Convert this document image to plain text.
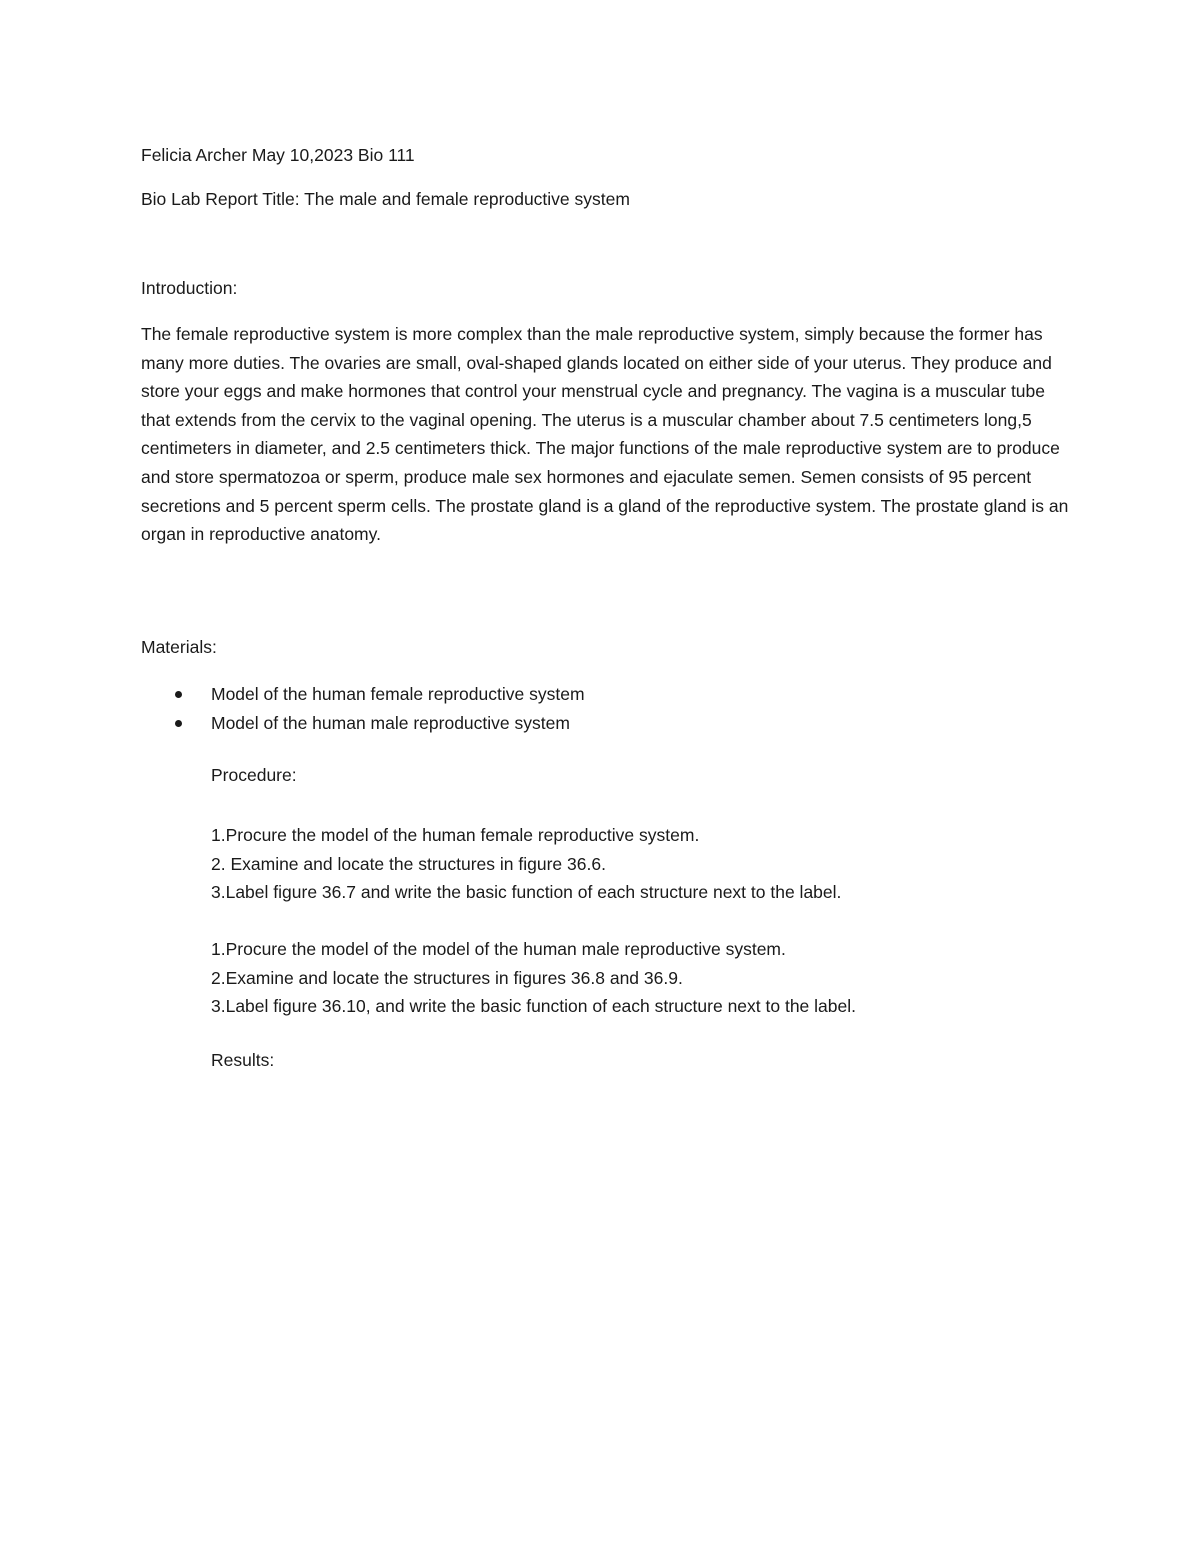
Felicia Archer May 10,2023 Bio 111
Bio Lab Report Title: The male and female reproductive system
Introduction:
The female reproductive system is more complex than the male reproductive system, simply because the former has many more duties. The ovaries are small, oval-shaped glands located on either side of your uterus. They produce and store your eggs and make hormones that control your menstrual cycle and pregnancy. The vagina is a muscular tube that extends from the cervix to the vaginal opening. The uterus is a muscular chamber about 7.5 centimeters long,5 centimeters in diameter, and 2.5 centimeters thick. The major functions of the male reproductive system are to produce and store spermatozoa or sperm, produce male sex hormones and ejaculate semen. Semen consists of 95 percent secretions and 5 percent sperm cells. The prostate gland is a gland of the reproductive system. The prostate gland is an organ in reproductive anatomy.
Materials:
Model of the human female reproductive system
Model of the human male reproductive system
Procedure:
1.Procure the model of the human female reproductive system.
2. Examine and locate the structures in figure 36.6.
3.Label figure 36.7 and write the basic function of each structure next to the label.
1.Procure the model of the model of the human male reproductive system.
2.Examine and locate the structures in figures 36.8 and 36.9.
3.Label figure 36.10, and write the basic function of each structure next to the label.
Results:
